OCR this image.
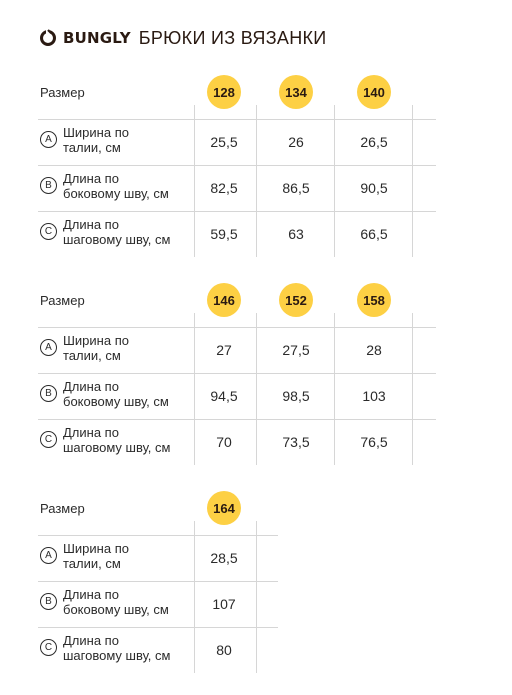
BUNGLY БРЮКИ ИЗ ВЯЗАНКИ
Размер	128	134	140
A Ширина по
талии, см	25,5	26	26,5
B Длина по
боковому шву, см	82,5	86,5	90,5
C Длина по
шаговому шву, см	59,5	63	66,5
Размер	146	152	158
A Ширина по
талии, см	27	27,5	28
B Длина по
боковому шву, см	94,5	98,5	103
C Длина по
шаговому шву, см	70	73,5	76,5
Размер	164
A Ширина по
талии, см	28,5
B Длина по
боковому шву, см	107
C Длина по
шаговому шву, см	80
